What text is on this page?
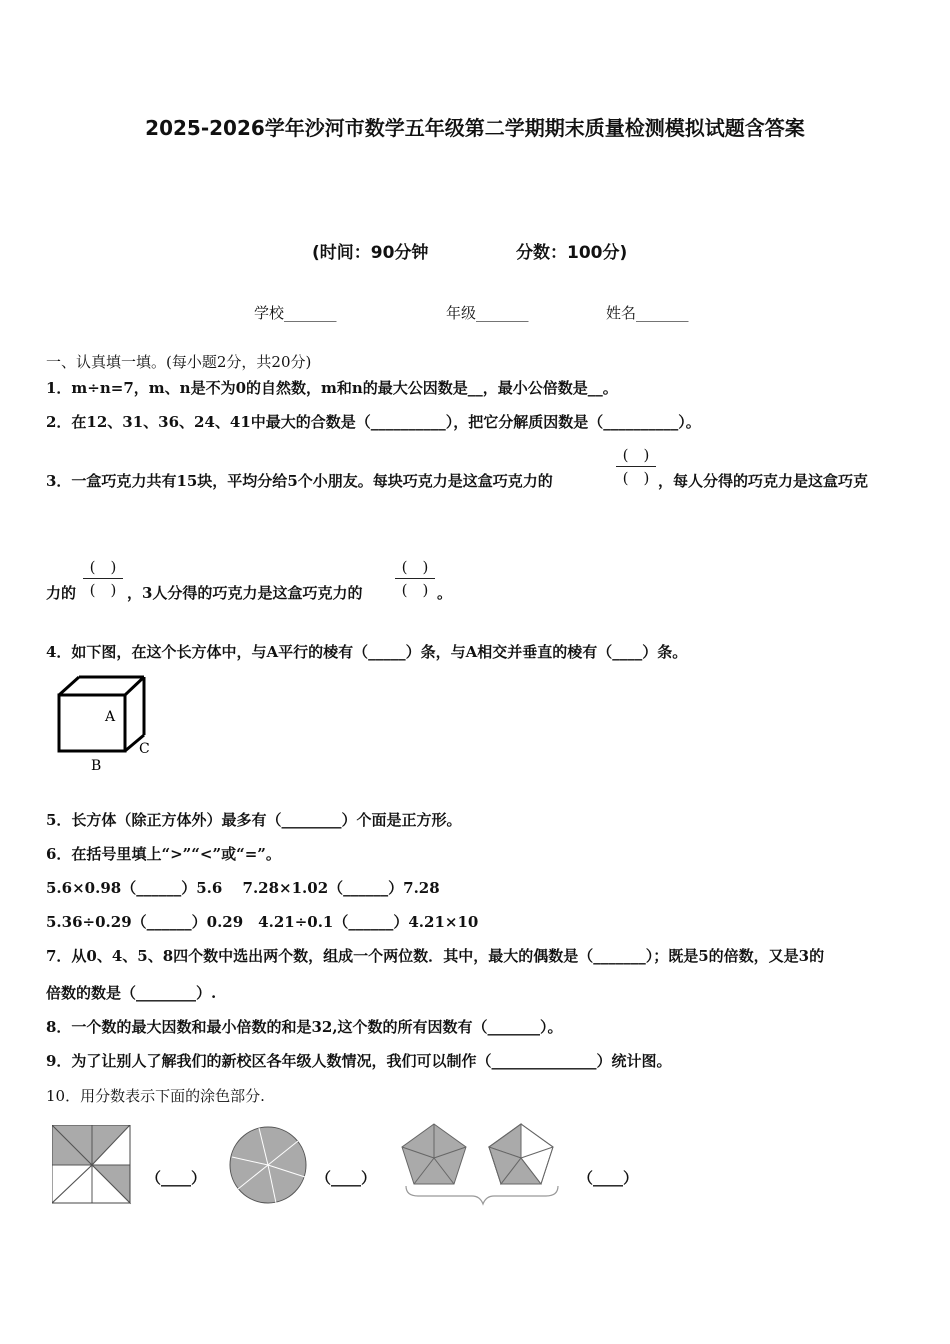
2025-2026学年沙河市数学五年级第二学期期末质量检测模拟试题含答案
(时间：90分钟	分数：100分)
学校_______	年级_______	姓名_______
一、认真填一填。(每小题2分，共20分)
1．m÷n=7，m、n是不为0的自然数，m和n的最大公因数是__，最小公倍数是__。
2．在12、31、36、24、41中最大的合数是（__________），把它分解质因数是（__________）。
3．一盒巧克力共有15块，平均分给5个小朋友。每块巧克力是这盒巧克力的
(　)
(　) ，每人分得的巧克力是这盒巧克
力的
(　)
(　) ，3人分得的巧克力是这盒巧克力的
(　)
(　) 。
4．如下图，在这个长方体中，与A平行的棱有（_____）条，与A相交并垂直的棱有（____）条。
A
B
C
5．长方体（除正方体外）最多有（________）个面是正方形。
6．在括号里填上“>”“<”或“=”。
5.6×0.98（______）5.6　 7.28×1.02（______）7.28
5.36÷0.29（______）0.29　4.21÷0.1（______）4.21×10
7．从0、4、5、8四个数中选出两个数，组成一个两位数．其中，最大的偶数是（_______）；既是5的倍数，又是3的
倍数的数是（________）.
8．一个数的最大因数和最小倍数的和是32,这个数的所有因数有（_______）。
9．为了让别人了解我们的新校区各年级人数情况，我们可以制作（______________）统计图。
10．用分数表示下面的涂色部分.
（____）	（____）	（____）
